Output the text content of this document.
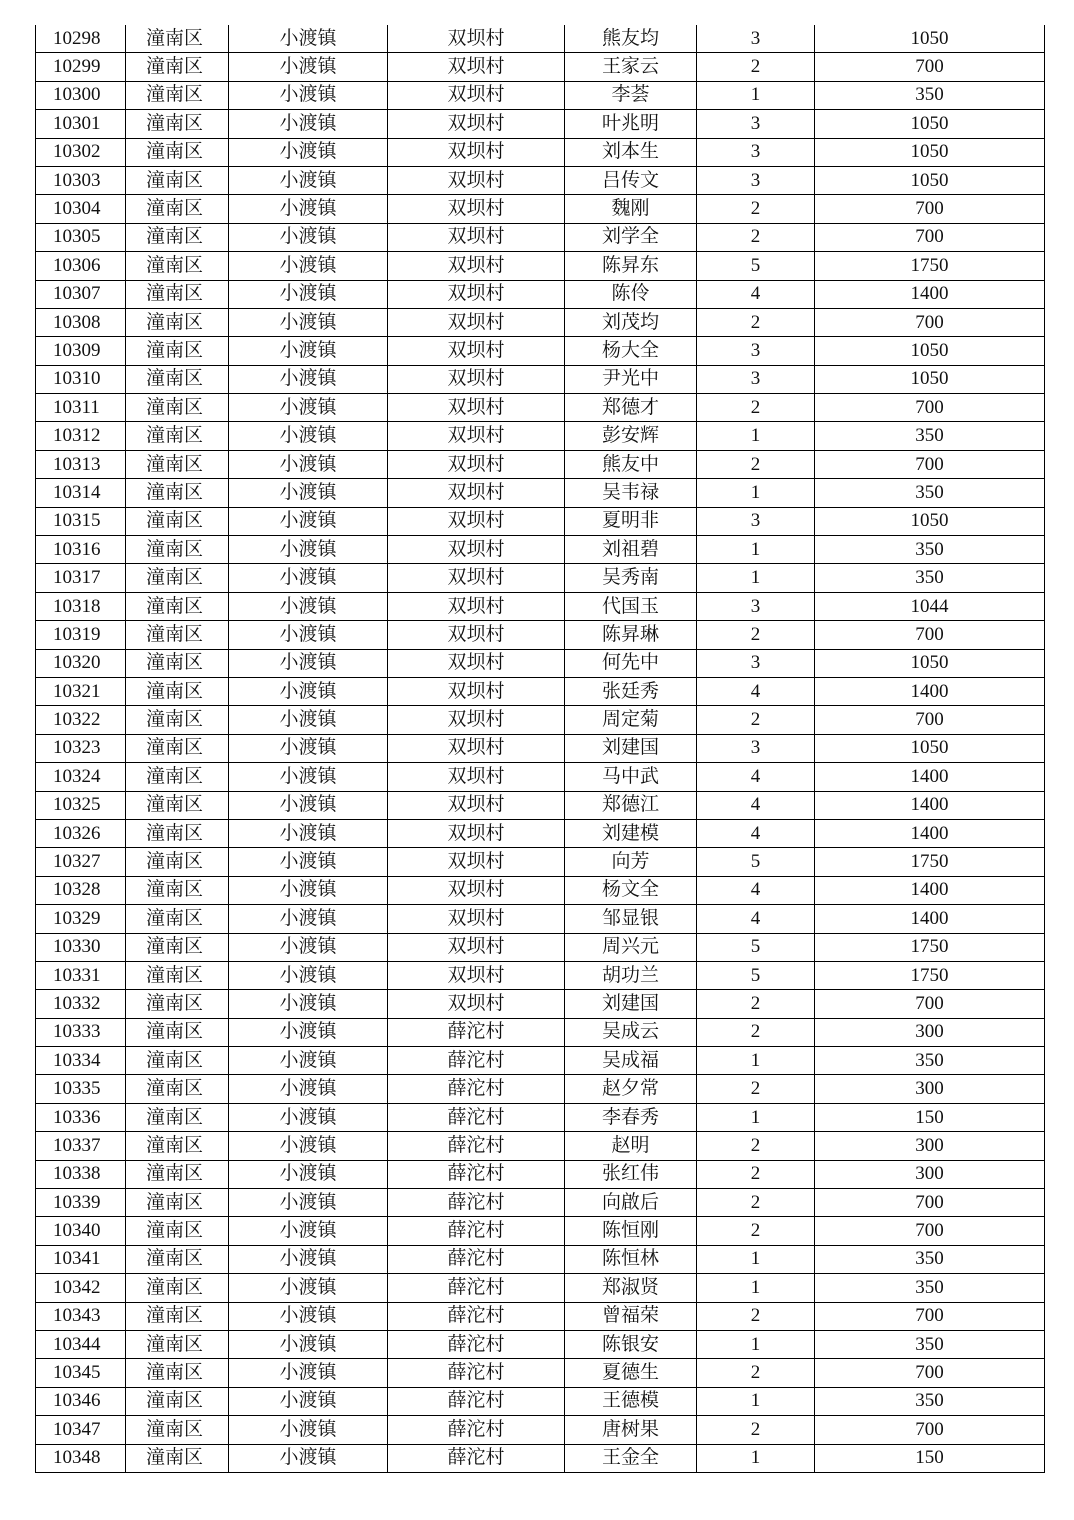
10298	潼南区	小渡镇	双坝村	熊友均	3	1050
10299	潼南区	小渡镇	双坝村	王家云	2	700
10300	潼南区	小渡镇	双坝村	李荟	1	350
10301	潼南区	小渡镇	双坝村	叶兆明	3	1050
10302	潼南区	小渡镇	双坝村	刘本生	3	1050
10303	潼南区	小渡镇	双坝村	吕传文	3	1050
10304	潼南区	小渡镇	双坝村	魏刚	2	700
10305	潼南区	小渡镇	双坝村	刘学全	2	700
10306	潼南区	小渡镇	双坝村	陈昇东	5	1750
10307	潼南区	小渡镇	双坝村	陈伶	4	1400
10308	潼南区	小渡镇	双坝村	刘茂均	2	700
10309	潼南区	小渡镇	双坝村	杨大全	3	1050
10310	潼南区	小渡镇	双坝村	尹光中	3	1050
10311	潼南区	小渡镇	双坝村	郑德才	2	700
10312	潼南区	小渡镇	双坝村	彭安辉	1	350
10313	潼南区	小渡镇	双坝村	熊友中	2	700
10314	潼南区	小渡镇	双坝村	吴韦禄	1	350
10315	潼南区	小渡镇	双坝村	夏明非	3	1050
10316	潼南区	小渡镇	双坝村	刘祖碧	1	350
10317	潼南区	小渡镇	双坝村	吴秀南	1	350
10318	潼南区	小渡镇	双坝村	代国玉	3	1044
10319	潼南区	小渡镇	双坝村	陈昇琳	2	700
10320	潼南区	小渡镇	双坝村	何先中	3	1050
10321	潼南区	小渡镇	双坝村	张廷秀	4	1400
10322	潼南区	小渡镇	双坝村	周定菊	2	700
10323	潼南区	小渡镇	双坝村	刘建国	3	1050
10324	潼南区	小渡镇	双坝村	马中武	4	1400
10325	潼南区	小渡镇	双坝村	郑德江	4	1400
10326	潼南区	小渡镇	双坝村	刘建模	4	1400
10327	潼南区	小渡镇	双坝村	向芳	5	1750
10328	潼南区	小渡镇	双坝村	杨文全	4	1400
10329	潼南区	小渡镇	双坝村	邹显银	4	1400
10330	潼南区	小渡镇	双坝村	周兴元	5	1750
10331	潼南区	小渡镇	双坝村	胡功兰	5	1750
10332	潼南区	小渡镇	双坝村	刘建国	2	700
10333	潼南区	小渡镇	薛沱村	吴成云	2	300
10334	潼南区	小渡镇	薛沱村	吴成福	1	350
10335	潼南区	小渡镇	薛沱村	赵夕常	2	300
10336	潼南区	小渡镇	薛沱村	李春秀	1	150
10337	潼南区	小渡镇	薛沱村	赵明	2	300
10338	潼南区	小渡镇	薛沱村	张红伟	2	300
10339	潼南区	小渡镇	薛沱村	向啟后	2	700
10340	潼南区	小渡镇	薛沱村	陈恒刚	2	700
10341	潼南区	小渡镇	薛沱村	陈恒林	1	350
10342	潼南区	小渡镇	薛沱村	郑淑贤	1	350
10343	潼南区	小渡镇	薛沱村	曾福荣	2	700
10344	潼南区	小渡镇	薛沱村	陈银安	1	350
10345	潼南区	小渡镇	薛沱村	夏德生	2	700
10346	潼南区	小渡镇	薛沱村	王德模	1	350
10347	潼南区	小渡镇	薛沱村	唐树果	2	700
10348	潼南区	小渡镇	薛沱村	王金全	1	150
